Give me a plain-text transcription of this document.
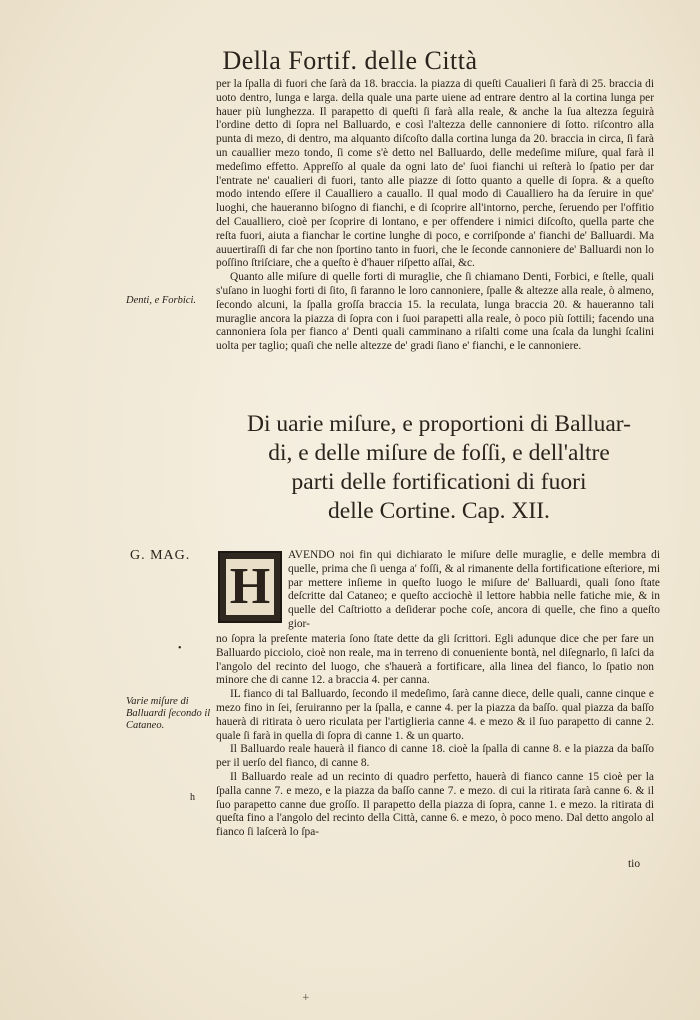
Della Fortif. delle Città

per la ſpalla di fuori che ſarà da 18. braccia. la piazza di queſti Caualieri ſi farà di 25. braccia di uoto dentro, lunga e larga. della quale una parte uiene ad entrare dentro al la cortina lunga per hauer più lunghezza. Il parapetto di queſti ſi farà alla reale, & anche la ſua altezza ſeguirà l'ordine detto di ſopra nel Balluardo, e così l'altezza delle cannoniere di ſotto. riſcontro alla punta di mezo, di dentro, ma alquanto diſcoſto dalla cortina lunga da 20. braccia in circa, ſi farà un cauallier mezo tondo, ſi come s'è detto nel Balluardo, delle medeſime miſure, qual farà il medeſimo effetto. Appreſſo al quale da ogni lato de' ſuoi fianchi ui reſterà lo ſpatio per dar l'entrate ne' caualieri di fuori, tanto alle piazze di ſotto quanto a quelle di ſopra. & a queſto modo intendo eſſere il Caualliero a cauallo. Il qual modo di Caualliero ha da ſeruire in que' luoghi, che haueranno biſogno di fianchi, e di ſcoprire all'intorno, perche, ſeruendo per l'offitio del Caualliero, cioè per ſcoprire di lontano, e per offendere i nimici diſcoſto, quella parte che reſta fuori, aiuta a fianchar le cortine lunghe di poco, e corriſponde a' fianchi de' Balluardi. Ma auuertiraſſi di far che non ſportino tanto in fuori, che le ſeconde cannoniere de' Balluardi non lo poſſino ſtriſciare, che a queſto è d'hauer riſpetto aſſai, &c.

Quanto alle miſure di quelle forti di muraglie, che ſi chiamano Denti, Forbici, e ſtelle, quali s'uſano in luoghi forti di ſito, ſi faranno le loro cannoniere, ſpalle & altezze alla reale, ò almeno, ſecondo alcuni, la ſpalla groſſa braccia 15. la reculata, lunga braccia 20. & haueranno tali muraglie ancora la piazza di ſopra con i ſuoi parapetti alla reale, ò poco più ſottili; facendo una cannoniera ſola per fianco a' Denti quali camminano a riſalti come una ſcala da lunghi ſcalini uolta per taglio; quaſi che nelle altezze de' gradi ſiano e' fianchi, e le cannoniere.

Denti, e Forbici.
Di uarie miſure, e proportioni di Balluar-
di, e delle miſure de foſſi, e dell'altre
parti delle fortificationi di fuori
delle Cortine. Cap. XII.
G. MAG.
H
AVENDO noi fin qui dichiarato le miſure delle muraglie, e delle membra di quelle, prima che ſi uenga a' foſſi, & al rimanente della fortificatione eſteriore, mi par mettere inſieme in queſto luogo le miſure de' Balluardi, quali ſono ſtate deſcritte dal Cataneo; e queſto acciochè il lettore habbia nelle fatiche mie, & in quelle del Caſtriotto a deſiderar poche coſe, ancora di quelle, che fino a queſto gior-
•

no ſopra la preſente materia ſono ſtate dette da gli ſcrittori. Egli adunque dice che per fare un Balluardo picciolo, cioè non reale, ma in terreno di conueniente bontà, nel diſegnarlo, ſi laſci da l'angolo del recinto del luogo, che s'hauerà a fortificare, alla linea del fianco, lo ſpatio non minore che di canne 12. a braccia 4. per canna.

IL fianco di tal Balluardo, ſecondo il medeſimo, ſarà canne diece, delle quali, canne cinque e mezo fino in ſei, ſeruiranno per la ſpalla, e canne 4. per la piazza da baſſo. qual piazza da baſſo hauerà di ritirata ò uero riculata per l'artiglieria canne 4. e mezo & il ſuo parapetto di canne 2. quale ſi farà in quella di ſopra di canne 1. & un quarto.

Il Balluardo reale hauerà il fianco di canne 18. cioè la ſpalla di canne 8. e la piazza da baſſo per il uerſo del fianco, di canne 8.

Il Balluardo reale ad un recinto di quadro perfetto, hauerà di fianco canne 15 cioè per la ſpalla canne 7. e mezo, e la piazza da baſſo canne 7. e mezo. di cui la ritirata ſarà canne 6. & il ſuo parapetto canne due groſſo. Il parapetto della piazza di ſopra, canne 1. e mezo. la ritirata di queſta fino a l'angolo del recinto della Città, canne 6. e mezo, ò poco meno. Dal detto angolo al fianco ſi laſcerà lo ſpa-

Varie miſure di Balluardi ſecondo il Cataneo.
h
tio
+
